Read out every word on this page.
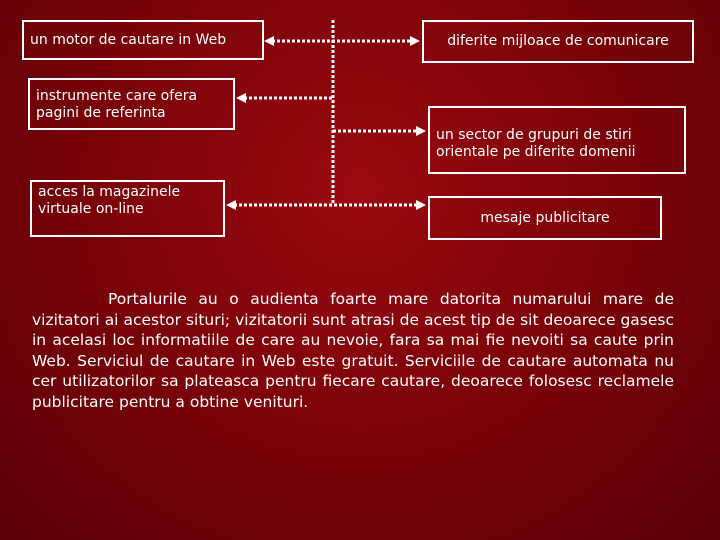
un motor de cautare in Web
instrumente care ofera pagini de referinta
acces la magazinele virtuale on-line
diferite mijloace de comunicare
un sector de grupuri de stiri orientale pe diferite domenii
mesaje publicitare

Portalurile au o audienta foarte mare datorita numarului mare de vizitatori ai acestor situri; vizitatorii sunt atrasi de acest tip de sit deoarece gasesc in acelasi loc informatiile de care au nevoie, fara sa mai fie nevoiti sa caute prin Web. Serviciul de cautare in Web este gratuit. Serviciile de cautare automata nu cer utilizatorilor sa plateasca pentru fiecare cautare, deoarece folosesc reclamele publicitare pentru a obtine venituri.
